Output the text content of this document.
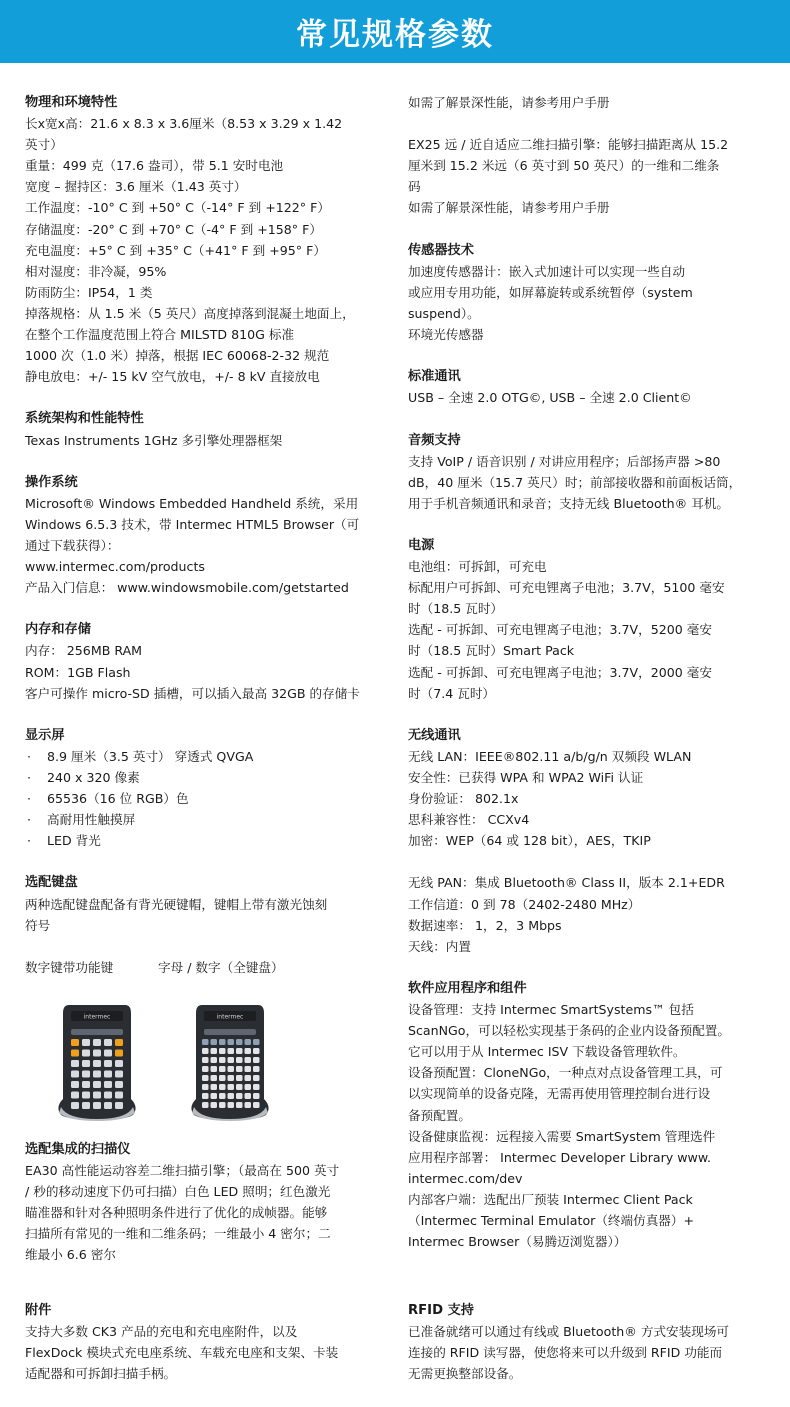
常见规格参数
物理和环境特性
长x宽x高：21.6 x 8.3 x 3.6厘米（8.53 x 3.29 x 1.42
英寸）
重量：499 克（17.6 盎司），带 5.1 安时电池
宽度 – 握持区：3.6 厘米（1.43 英寸）
工作温度：-10° C 到 +50° C（-14° F 到 +122° F）
存储温度：-20° C 到 +70° C（-4° F 到 +158° F）
充电温度：+5° C 到 +35° C（+41° F 到 +95° F）
相对湿度：非冷凝，95%
防雨防尘：IP54，1 类
掉落规格：从 1.5 米（5 英尺）高度掉落到混凝土地面上，
在整个工作温度范围上符合 MILSTD 810G 标准
1000 次（1.0 米）掉落，根据 IEC 60068-2-32 规范
静电放电：+/- 15 kV 空气放电，+/- 8 kV 直接放电
系统架构和性能特性
Texas Instruments 1GHz 多引擎处理器框架
操作系统
Microsoft® Windows Embedded Handheld 系统，采用
Windows 6.5.3 技术，带 Intermec HTML5 Browser（可
通过下载获得）：
www.intermec.com/products
产品入门信息： www.windowsmobile.com/getstarted
内存和存储
内存： 256MB RAM
ROM：1GB Flash
客户可操作 micro-SD 插槽，可以插入最高 32GB 的存储卡
显示屏
· 8.9 厘米（3.5 英寸） 穿透式 QVGA
· 240 x 320 像素
· 65536（16 位 RGB）色
· 高耐用性触摸屏
· LED 背光
选配键盘
两种选配键盘配备有背光硬键帽，键帽上带有激光蚀刻
符号
数字键带功能键	字母 / 数字（全键盘）
选配集成的扫描仪
EA30 高性能运动容差二维扫描引擎；（最高在 500 英寸
/ 秒的移动速度下仍可扫描）白色 LED 照明；红色激光
瞄准器和针对各种照明条件进行了优化的成帧器。能够
扫描所有常见的一维和二维条码；一维最小 4 密尔；二
维最小 6.6 密尔
intermec	intermec
如需了解景深性能，请参考用户手册
EX25 远 / 近自适应二维扫描引擎：能够扫描距离从 15.2
厘米到 15.2 米远（6 英寸到 50 英尺）的一维和二维条
码
如需了解景深性能，请参考用户手册
传感器技术
加速度传感器计：嵌入式加速计可以实现一些自动
或应用专用功能，如屏幕旋转或系统暂停（system
suspend）。
环境光传感器
标准通讯
USB – 全速 2.0 OTG©, USB – 全速 2.0 Client©
音频支持
支持 VoIP / 语音识别 / 对讲应用程序；后部扬声器 >80
dB，40 厘米（15.7 英尺）时；前部接收器和前面板话筒，
用于手机音频通讯和录音；支持无线 Bluetooth® 耳机。
电源
电池组：可拆卸，可充电
标配用户可拆卸、可充电锂离子电池；3.7V，5100 毫安
时（18.5 瓦时）
选配 - 可拆卸、可充电锂离子电池；3.7V，5200 毫安
时（18.5 瓦时）Smart Pack
选配 - 可拆卸、可充电锂离子电池；3.7V，2000 毫安
时（7.4 瓦时）
无线通讯
无线 LAN：IEEE®802.11 a/b/g/n 双频段 WLAN
安全性：已获得 WPA 和 WPA2 WiFi 认证
身份验证： 802.1x
思科兼容性： CCXv4
加密：WEP（64 或 128 bit），AES，TKIP
无线 PAN：集成 Bluetooth® Class II，版本 2.1+EDR
工作信道：0 到 78（2402-2480 MHz）
数据速率： 1，2，3 Mbps
天线：内置
软件应用程序和组件
设备管理：支持 Intermec SmartSystems™ 包括
ScanNGo，可以轻松实现基于条码的企业内设备预配置。
它可以用于从 Intermec ISV 下载设备管理软件。
设备预配置：CloneNGo，一种点对点设备管理工具，可
以实现简单的设备克隆，无需再使用管理控制台进行设
备预配置。
设备健康监视：远程接入需要 SmartSystem 管理选件
应用程序部署： Intermec Developer Library www.
intermec.com/dev
内部客户端：选配出厂预装 Intermec Client Pack
（Intermec Terminal Emulator（终端仿真器）+
Intermec Browser（易腾迈浏览器））
附件
支持大多数 CK3 产品的充电和充电座附件，以及
FlexDock 模块式充电座系统、车载充电座和支架、卡装
适配器和可拆卸扫描手柄。
RFID 支持
已准备就绪可以通过有线或 Bluetooth® 方式安装现场可
连接的 RFID 读写器，使您将来可以升级到 RFID 功能而
无需更换整部设备。
